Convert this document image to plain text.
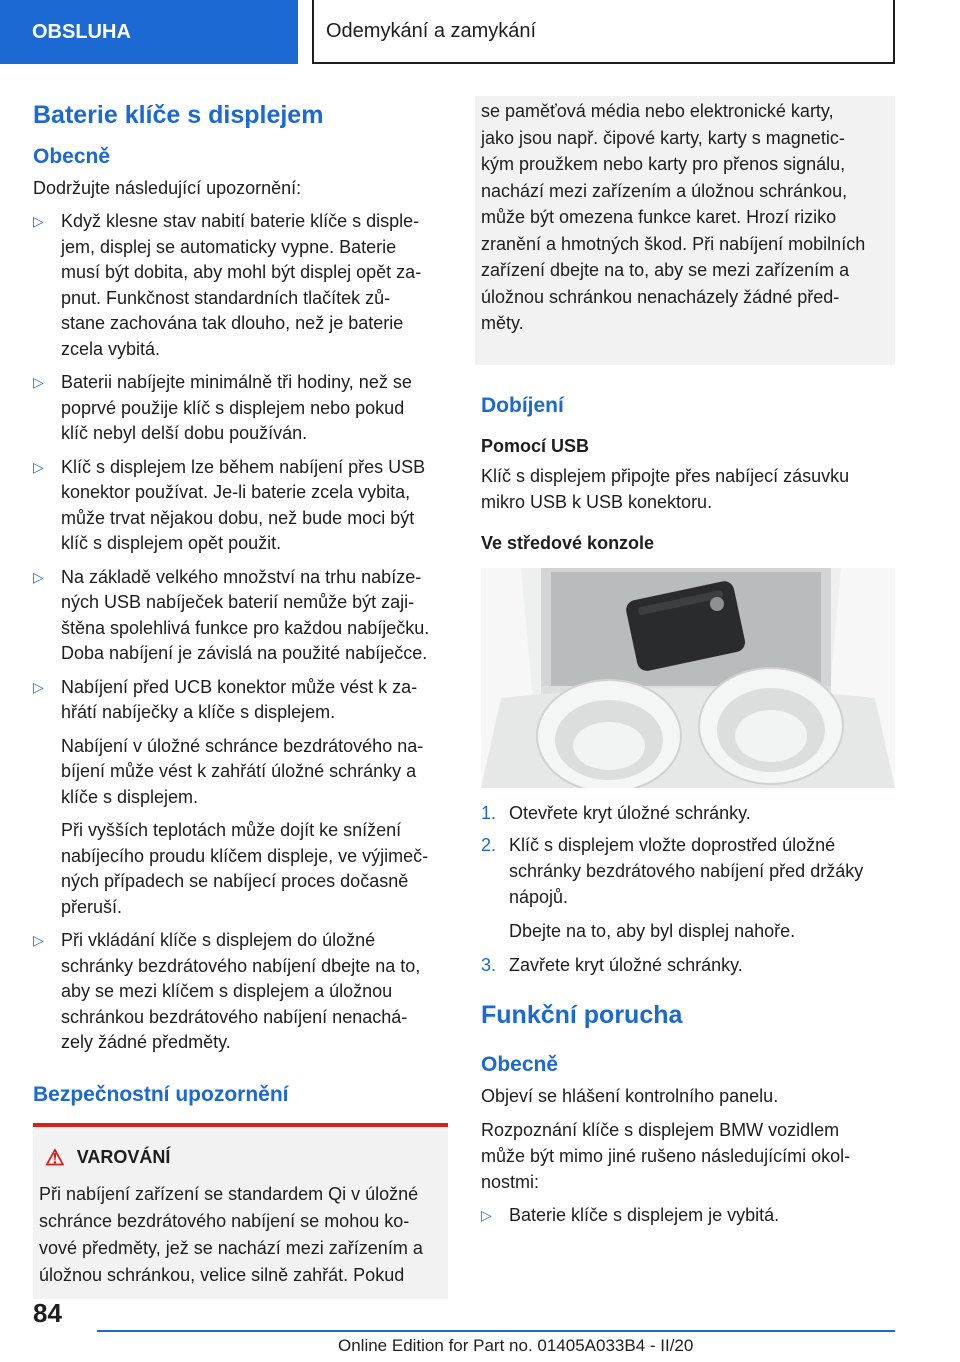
OBSLUHA	Odemykání a zamykání
Baterie klíče s displejem
Obecně

Dodržujte následující upozornění:

▷ Když klesne stav nabití baterie klíče s disple-
jem, displej se automaticky vypne. Baterie
musí být dobita, aby mohl být displej opět za-
pnut. Funkčnost standardních tlačítek zů-
stane zachována tak dlouho, než je baterie
zcela vybitá.
▷ Baterii nabíjejte minimálně tři hodiny, než se
poprvé použije klíč s displejem nebo pokud
klíč nebyl delší dobu používán.
▷ Klíč s displejem lze během nabíjení přes USB
konektor používat. Je-li baterie zcela vybita,
může trvat nějakou dobu, než bude moci být
klíč s displejem opět použit.
▷ Na základě velkého množství na trhu nabíze-
ných USB nabíječek baterií nemůže být zaji-
štěna spolehlivá funkce pro každou nabíječku.
Doba nabíjení je závislá na použité nabíječce.
▷ Nabíjení před UCB konektor může vést k za-
hřátí nabíječky a klíče s displejem.

Nabíjení v úložné schránce bezdrátového na-
bíjení může vést k zahřátí úložné schránky a
klíče s displejem.

Při vyšších teplotách může dojít ke snížení
nabíjecího proudu klíčem displeje, ve výjimeč-
ných případech se nabíjecí proces dočasně
přeruší.

▷ Při vkládání klíče s displejem do úložné
schránky bezdrátového nabíjení dbejte na to,
aby se mezi klíčem s displejem a úložnou
schránkou bezdrátového nabíjení nenachá-
zely žádné předměty.
Bezpečnostní upozornění
⚠ VAROVÁNÍ

Při nabíjení zařízení se standardem Qi v úložné
schránce bezdrátového nabíjení se mohou ko-
vové předměty, jež se nachází mezi zařízením a
úložnou schránkou, velice silně zahřát. Pokud

se paměťová média nebo elektronické karty,
jako jsou např. čipové karty, karty s magnetic-
kým proužkem nebo karty pro přenos signálu,
nachází mezi zařízením a úložnou schránkou,
může být omezena funkce karet. Hrozí riziko
zranění a hmotných škod. Při nabíjení mobilních
zařízení dbejte na to, aby se mezi zařízením a
úložnou schránkou nenacházely žádné před-
měty.

Dobíjení
Pomocí USB

Klíč s displejem připojte přes nabíjecí zásuvku
mikro USB k USB konektoru.

Ve středové konzole
1. Otevřete kryt úložné schránky.
2. Klíč s displejem vložte doprostřed úložné
schránky bezdrátového nabíjení před držáky
nápojů.

Dbejte na to, aby byl displej nahoře.

3. Zavřete kryt úložné schránky.
Funkční porucha
Obecně

Objeví se hlášení kontrolního panelu.

Rozpoznání klíče s displejem BMW vozidlem
může být mimo jiné rušeno následujícími okol-
nostmi:

▷ Baterie klíče s displejem je vybitá.
84
Online Edition for Part no. 01405A033B4 - II/20
